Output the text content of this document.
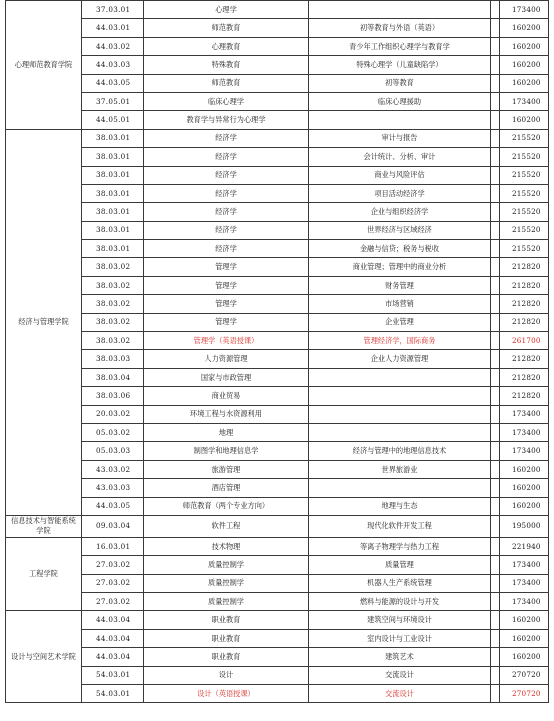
心理师范教育学院	37.03.01	心理学			173400
	44.03.01	师范教育	初等教育与外语（英语）		160200
	44.03.02	心理教育	青少年工作组织心理学与教育学		160200
	44.03.03	特殊教育	特殊心理学（儿童缺陷学）		160200
	44.03.05	师范教育	初等教育		160200
	37.05.01	临床心理学	临床心理援助		173400
	44.05.01	教育学与异常行为心理学			160200
经济与管理学院	38.03.01	经济学	审计与报告		215520
	38.03.01	经济学	会计统计、分析、审计		215520
	38.03.01	经济学	商业与风险评估		215520
	38.03.01	经济学	项目活动经济学		215520
	38.03.01	经济学	企业与组织经济学		215520
	38.03.01	经济学	世界经济与区域经济		215520
	38.03.01	经济学	金融与信贷；税务与税收		215520
	38.03.02	管理学	商业管理；管理中的商业分析		212820
	38.03.02	管理学	财务管理		212820
	38.03.02	管理学	市场营销		212820
	38.03.02	管理学	企业管理		212820
	38.03.02	管理学（英语授课）	管理经济学，国际商务		261700
	38.03.03	人力资源管理	企业人力资源管理		212820
	38.03.04	国家与市政管理			212820
	38.03.06	商业贸易			212820
	20.03.02	环境工程与水资源利用			173400
	05.03.02	地理			173400
	05.03.03	制图学和地理信息学	经济与管理中的地理信息技术		173400
	43.03.02	旅游管理	世界旅游业		160200
	43.03.03	酒店管理			160200
	44.03.05	师范教育（两个专业方向）	地理与生态		160200
信息技术与智能系统学院	09.03.04	软件工程	现代化软件开发工程		195000
工程学院	16.03.01	技术物理	等离子物理学与热力工程		221940
	27.03.02	质量控制学	质量管理		173400
	27.03.02	质量控制学	机器人生产系统管理		173400
	27.03.02	质量控制学	燃料与能源的设计与开发		173400
设计与空间艺术学院	44.03.04	职业教育	建筑空间与环境设计		160200
	44.03.04	职业教育	室内设计与工业设计		160200
	44.03.04	职业教育	建筑艺术		160200
	54.03.01	设计	交流设计		270720
	54.03.01	设计（英语授课）	交流设计		270720
